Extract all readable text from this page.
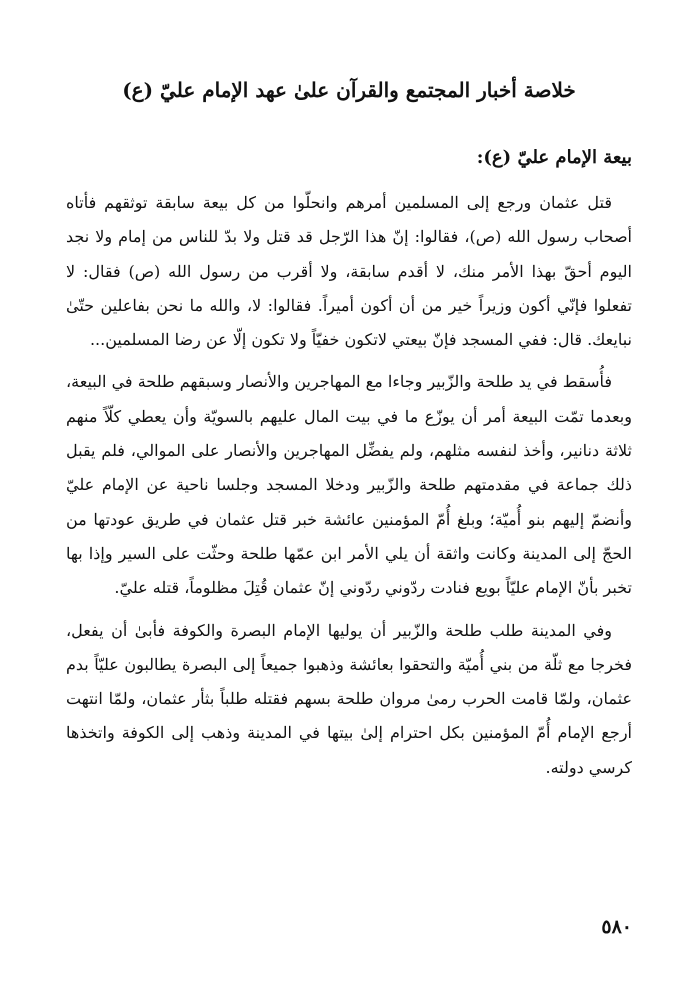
خلاصة أخبار المجتمع والقرآن علىٰ عهد الإمام عليّ (ع)
بيعة الإمام عليّ (ع):

قتل عثمان ورجع إلى المسلمين أمرهم وانحلّوا من كل بيعة سابقة توثقهم فأتاه أصحاب رسول الله (ص)، فقالوا: إنّ هذا الرّجل قد قتل ولا بدّ للناس من إمام ولا نجد اليوم أحقّ بهذا الأمر منك، لا أقدم سابقة، ولا أقرب من رسول الله (ص) فقال: لا تفعلوا فإنّي أكون وزيراً خير من أن أكون أميراً. فقالوا: لا، والله ما نحن بفاعلين حتّىٰ نبايعك. قال: ففي المسجد فإنّ بيعتي لاتكون خفيّاً ولا تكون إلّا عن رضا المسلمين...

فأُسقط في يد طلحة والزّبير وجاءا مع المهاجرين والأنصار وسبقهم طلحة في البيعة، وبعدما تمّت البيعة أمر أن يوزّع ما في بيت المال عليهم بالسويّة وأن يعطي كلّاً منهم ثلاثة دنانير، وأخذ لنفسه مثلهم، ولم يفضِّل المهاجرين والأنصار على الموالي، فلم يقبل ذلك جماعة في مقدمتهم طلحة والزّبير ودخلا المسجد وجلسا ناحية عن الإمام عليّ وأنضمّ إليهم بنو أُميّة؛ وبلغ أُمّ المؤمنين عائشة خبر قتل عثمان في طريق عودتها من الحجّ إلى المدينة وكانت واثقة أن يلي الأمر ابن عمّها طلحة وحثّت على السير وإذا بها تخبر بأنّ الإمام عليّاً بويع فنادت ردّوني ردّوني إنّ عثمان قُتِلَ مظلوماً، قتله عليّ.

وفي المدينة طلب طلحة والزّبير أن يوليها الإمام البصرة والكوفة فأبىٰ أن يفعل، فخرجا مع ثلّة من بني أُميّة والتحقوا بعائشة وذهبوا جميعاً إلى البصرة يطالبون عليّاً بدم عثمان، ولمّا قامت الحرب رمىٰ مروان طلحة بسهم فقتله طلباً بثأر عثمان، ولمّا انتهت أرجع الإمام أُمّ المؤمنين بكل احترام إلىٰ بيتها في المدينة وذهب إلى الكوفة واتخذها كرسي دولته.

٥٨٠
